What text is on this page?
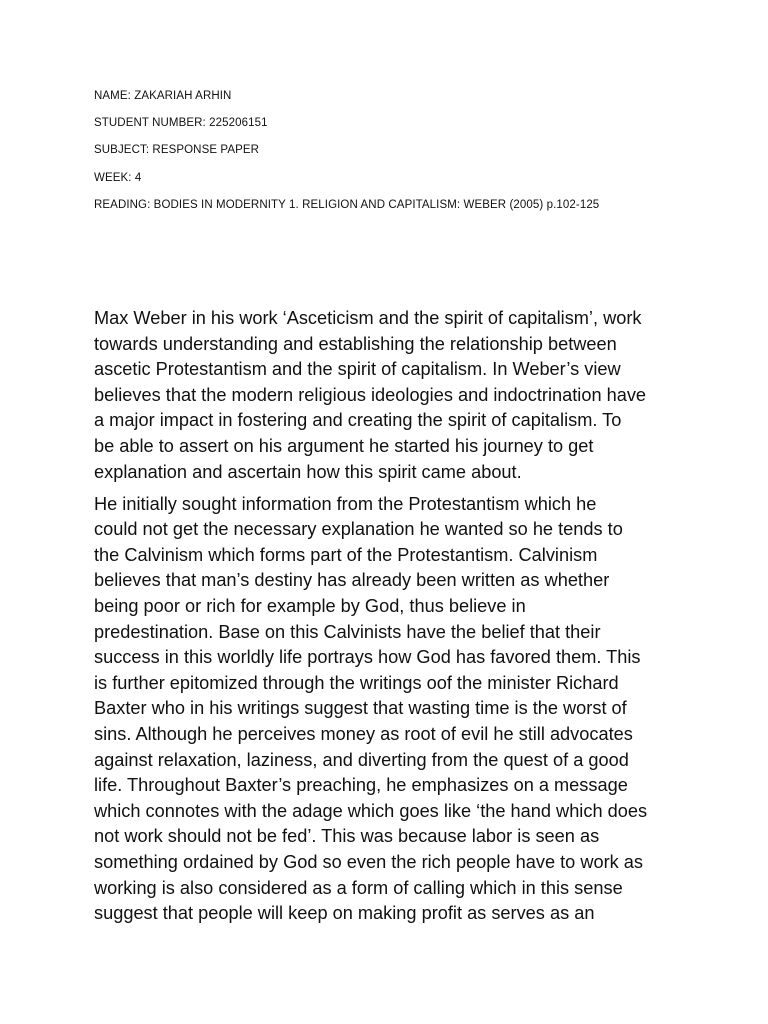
NAME: ZAKARIAH ARHIN
STUDENT NUMBER: 225206151
SUBJECT: RESPONSE PAPER
WEEK: 4
READING: BODIES IN MODERNITY 1. RELIGION AND CAPITALISM: WEBER (2005) p.102-125

Max Weber in his work ‘Asceticism and the spirit of capitalism’, work
towards understanding and establishing the relationship between
ascetic Protestantism and the spirit of capitalism. In Weber’s view
believes that the modern religious ideologies and indoctrination have
a major impact in fostering and creating the spirit of capitalism. To
be able to assert on his argument he started his journey to get
explanation and ascertain how this spirit came about.

He initially sought information from the Protestantism which he
could not get the necessary explanation he wanted so he tends to
the Calvinism which forms part of the Protestantism. Calvinism
believes that man’s destiny has already been written as whether
being poor or rich for example by God, thus believe in
predestination. Base on this Calvinists have the belief that their
success in this worldly life portrays how God has favored them. This
is further epitomized through the writings oof the minister Richard
Baxter who in his writings suggest that wasting time is the worst of
sins. Although he perceives money as root of evil he still advocates
against relaxation, laziness, and diverting from the quest of a good
life. Throughout Baxter’s preaching, he emphasizes on a message
which connotes with the adage which goes like ‘the hand which does
not work should not be fed’. This was because labor is seen as
something ordained by God so even the rich people have to work as
working is also considered as a form of calling which in this sense
suggest that people will keep on making profit as serves as an
